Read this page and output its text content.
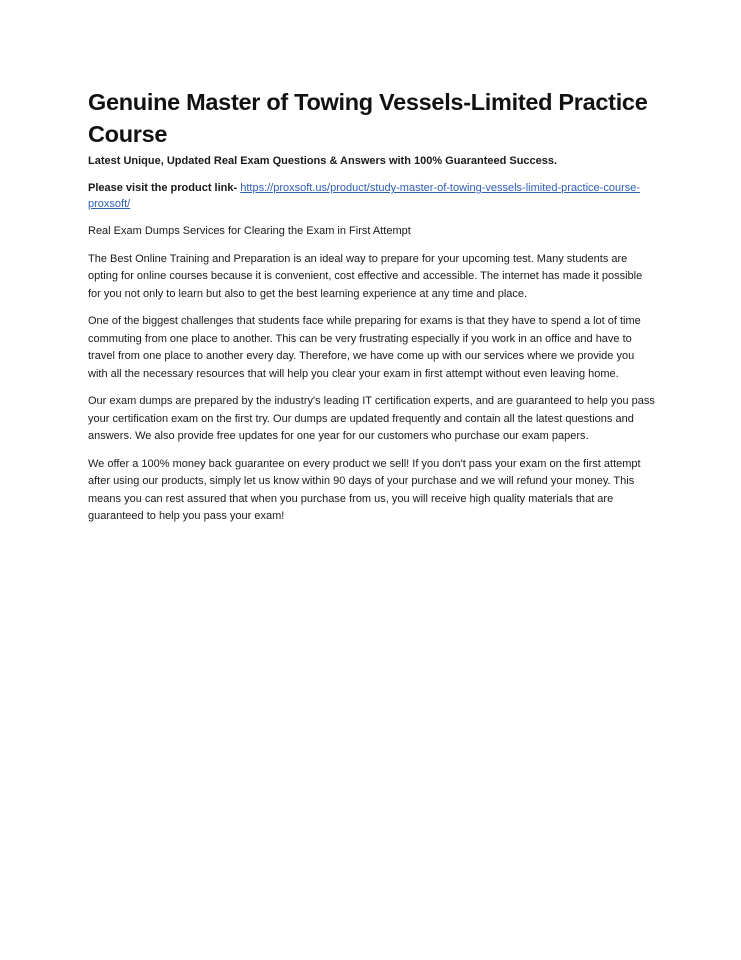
Genuine Master of Towing Vessels-Limited Practice Course

Latest Unique, Updated Real Exam Questions & Answers with 100% Guaranteed Success.

Please visit the product link- https://proxsoft.us/product/study-master-of-towing-vessels-limited-practice-course-proxsoft/

Real Exam Dumps Services for Clearing the Exam in First Attempt

The Best Online Training and Preparation is an ideal way to prepare for your upcoming test. Many students are opting for online courses because it is convenient, cost effective and accessible. The internet has made it possible for you not only to learn but also to get the best learning experience at any time and place.

One of the biggest challenges that students face while preparing for exams is that they have to spend a lot of time commuting from one place to another. This can be very frustrating especially if you work in an office and have to travel from one place to another every day. Therefore, we have come up with our services where we provide you with all the necessary resources that will help you clear your exam in first attempt without even leaving home.

Our exam dumps are prepared by the industry's leading IT certification experts, and are guaranteed to help you pass your certification exam on the first try. Our dumps are updated frequently and contain all the latest questions and answers. We also provide free updates for one year for our customers who purchase our exam papers.

We offer a 100% money back guarantee on every product we sell! If you don't pass your exam on the first attempt after using our products, simply let us know within 90 days of your purchase and we will refund your money. This means you can rest assured that when you purchase from us, you will receive high quality materials that are guaranteed to help you pass your exam!
